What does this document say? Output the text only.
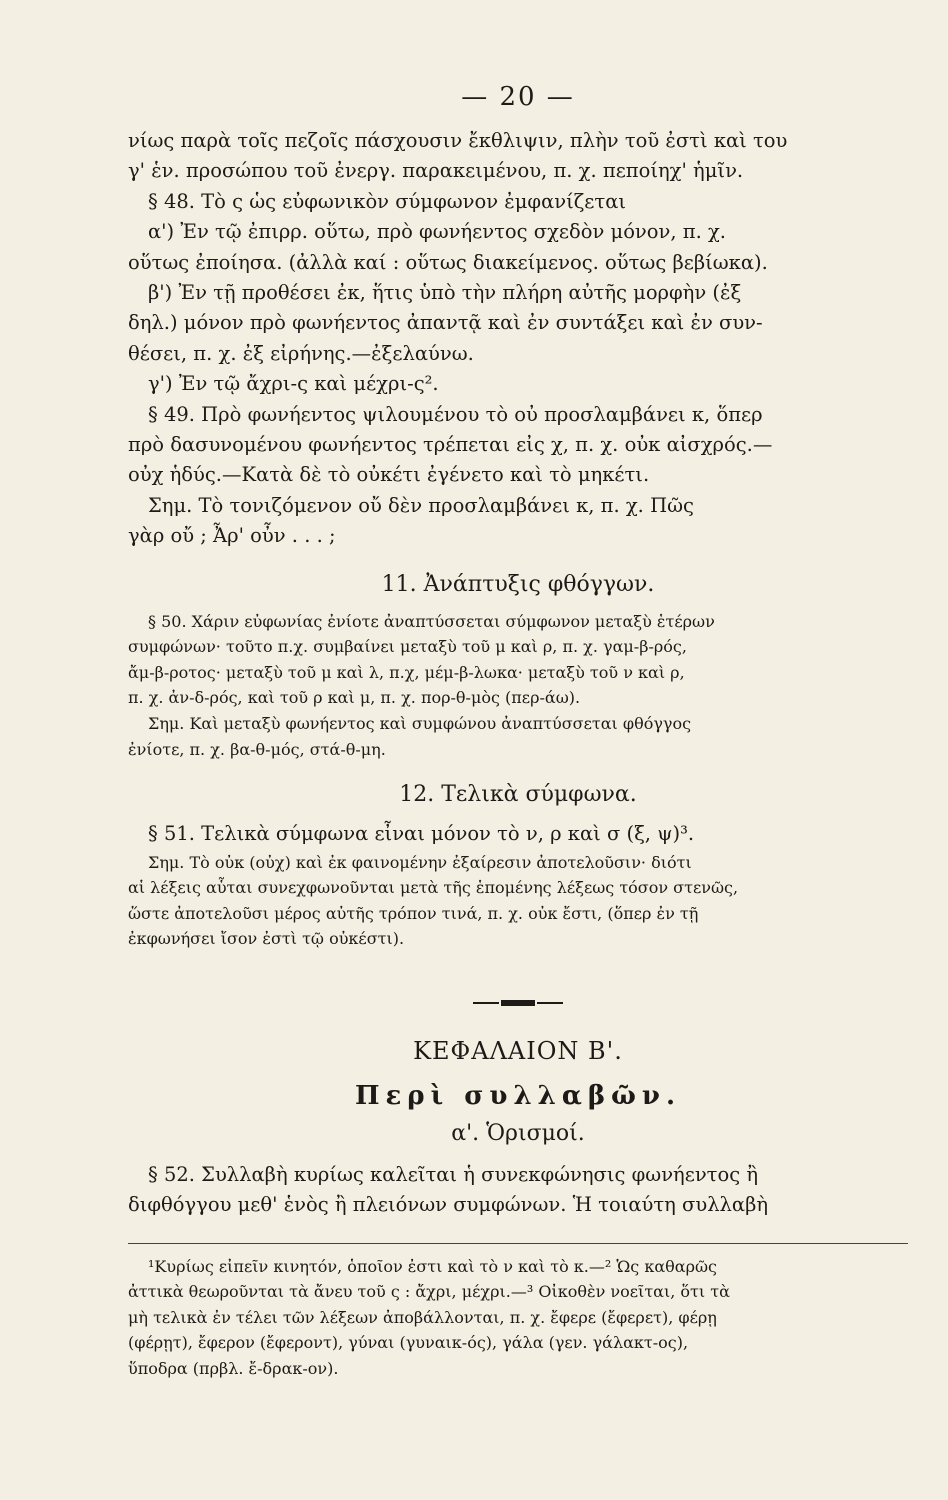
— 20 —
νίως παρὰ τοῖς πεζοῖς πάσχουσιν ἔκθλιψιν, πλὴν τοῦ ἐστὶ καὶ του
γ' ἑν. προσώπου τοῦ ἐνεργ. παρακειμένου, π. χ. πεποίηχ' ἡμῖν.
§ 48. Τὸ ς ὡς εὐφωνικὸν σύμφωνον ἐμφανίζεται
α') Ἐν τῷ ἐπιρρ. οὕτω, πρὸ φωνήεντος σχεδὸν μόνον, π. χ.
οὕτως ἐποίησα. (ἀλλὰ καί : οὕτως διακείμενος. οὕτως βεβίωκα).
β') Ἐν τῇ προθέσει ἐκ, ἥτις ὑπὸ τὴν πλήρη αὐτῆς μορφὴν (ἐξ
δηλ.) μόνον πρὸ φωνήεντος ἀπαντᾷ καὶ ἐν συντάξει καὶ ἐν συν-
θέσει, π. χ. ἐξ εἰρήνης.—ἐξελαύνω.
γ') Ἐν τῷ ἄχρι-ς καὶ μέχρι-ς².
§ 49. Πρὸ φωνήεντος ψιλουμένου τὸ οὐ προσλαμβάνει κ, ὅπερ
πρὸ δασυνομένου φωνήεντος τρέπεται εἰς χ, π. χ. οὐκ αἰσχρός.—
οὐχ ἡδύς.—Κατὰ δὲ τὸ οὐκέτι ἐγένετο καὶ τὸ μηκέτι.
Σημ. Τὸ τονιζόμενον οὔ δὲν προσλαμβάνει κ, π. χ. Πῶς
γὰρ οὔ ; Ἆρ' οὖν . . . ;
11. Ἀνάπτυξις φθόγγων.
§ 50. Χάριν εὐφωνίας ἐνίοτε ἀναπτύσσεται σύμφωνον μεταξὺ ἑτέρων
συμφώνων· τοῦτο π.χ. συμβαίνει μεταξὺ τοῦ μ καὶ ρ, π. χ. γαμ-β-ρός,
ἄμ-β-ροτος· μεταξὺ τοῦ μ καὶ λ, π.χ, μέμ-β-λωκα· μεταξὺ τοῦ ν καὶ ρ,
π. χ. ἀν-δ-ρός, καὶ τοῦ ρ καὶ μ, π. χ. πορ-θ-μὸς (περ-άω).
Σημ. Καὶ μεταξὺ φωνήεντος καὶ συμφώνου ἀναπτύσσεται φθόγγος
ἐνίοτε, π. χ. βα-θ-μός, στά-θ-μη.
12. Τελικὰ σύμφωνα.
§ 51. Τελικὰ σύμφωνα εἶναι μόνον τὸ ν, ρ καὶ σ (ξ, ψ)³.
Σημ. Τὸ οὐκ (οὐχ) καὶ ἐκ φαινομένην ἐξαίρεσιν ἀποτελοῦσιν· διότι
αἱ λέξεις αὗται συνεχφωνοῦνται μετὰ τῆς ἑπομένης λέξεως τόσον στενῶς,
ὥστε ἀποτελοῦσι μέρος αὐτῆς τρόπον τινά, π. χ. οὐκ ἔστι, (ὅπερ ἐν τῇ
ἐκφωνήσει ἴσον ἐστὶ τῷ οὐκέστι).
ΚΕΦΑΛΑΙΟΝ Β'.
Περὶ συλλαβῶν.
α'. Ὁρισμοί.
§ 52. Συλλαβὴ κυρίως καλεῖται ἡ συνεκφώνησις φωνήεντος ἢ
διφθόγγου μεθ' ἑνὸς ἢ πλειόνων συμφώνων. Ἡ τοιαύτη συλλαβὴ
¹Κυρίως εἰπεῖν κινητόν, ὁποῖον ἐστι καὶ τὸ ν καὶ τὸ κ.—² Ὡς καθαρῶς
ἀττικὰ θεωροῦνται τὰ ἄνευ τοῦ ς : ἄχρι, μέχρι.—³ Οἰκοθὲν νοεῖται, ὅτι τὰ
μὴ τελικὰ ἐν τέλει τῶν λέξεων ἀποβάλλονται, π. χ. ἔφερε (ἔφερετ), φέρῃ
(φέρῃτ), ἔφερον (ἔφεροντ), γύναι (γυναικ-ός), γάλα (γεν. γάλακτ-ος),
ὕποδρα (πρβλ. ἔ-δρακ-ον).
